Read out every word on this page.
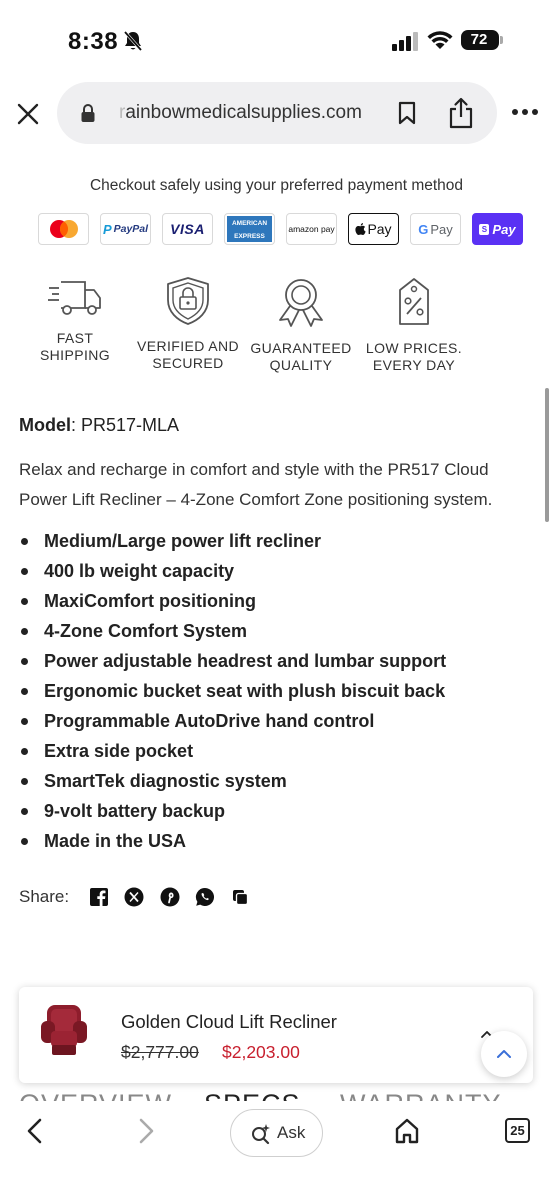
8:38	72
rainbowmedicalsupplies.com
Checkout safely using your preferred payment method
P PayPal VISA	AMERICAN EXPRESS
amazon pay Pay G Pay	S Pay
FAST
SHIPPING
VERIFIED AND
SECURED
GUARANTEED
QUALITY
LOW PRICES.
EVERY DAY
Model: PR517-MLA
Relax and recharge in comfort and style with the PR517 Cloud Power Lift Recliner – 4-Zone Comfort Zone positioning system.
Medium/Large power lift recliner
400 lb weight capacity
MaxiComfort positioning
4-Zone Comfort System
Power adjustable headrest and lumbar support
Ergonomic bucket seat with plush biscuit back
Programmable AutoDrive hand control
Extra side pocket
SmartTek diagnostic system
9-volt battery backup
Made in the USA
Share:
Golden Cloud Lift Recliner
$2,777.00 $2,203.00
Ask	25
